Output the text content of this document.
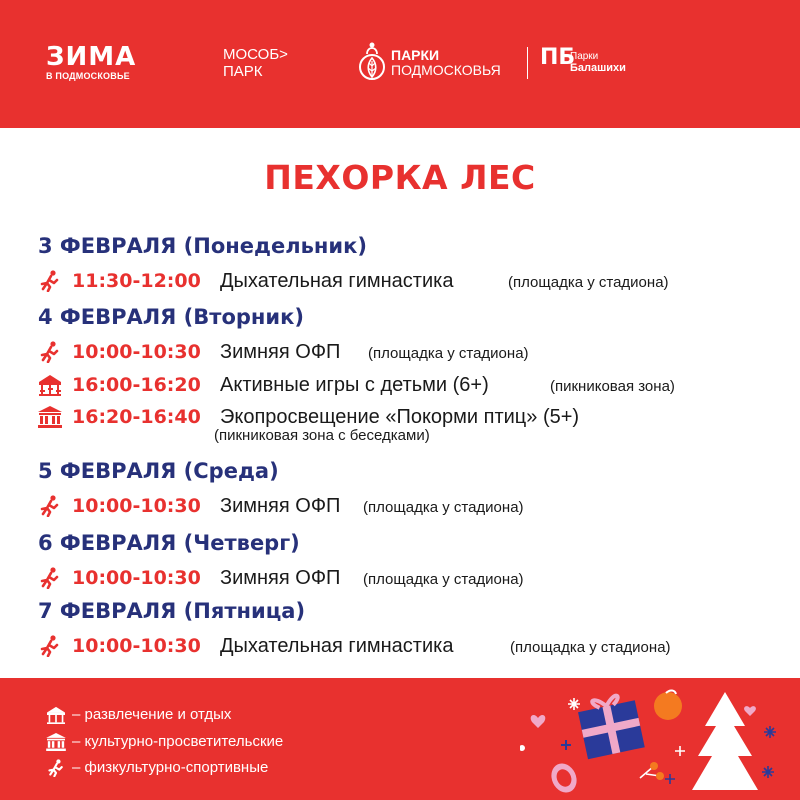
ЗИМА
В ПОДМОСКОВЬЕ
МОСОБ>
ПАРК
ПАРКИ
ПОДМОСКОВЬЯ ПБ
Парки
Балашихи
ПЕХОРКА ЛЕС
3 ФЕВРАЛЯ (Понедельник)
11:30-12:00 Дыхательная гимнастика	(площадка у стадиона)
4 ФЕВРАЛЯ (Вторник)
10:00-10:30 Зимняя ОФП (площадка у стадиона)
16:00-16:20 Активные игры с детьми (6+)	(пикниковая зона)
16:20-16:40 Экопросвещение «Покорми птиц» (5+)
(пикниковая зона с беседками)
5 ФЕВРАЛЯ (Среда)
10:00-10:30 Зимняя ОФП (площадка у стадиона)
6 ФЕВРАЛЯ (Четверг)
10:00-10:30 Зимняя ОФП (площадка у стадиона)
7 ФЕВРАЛЯ (Пятница)
10:00-10:30 Дыхательная гимнастика	(площадка у стадиона)
– развлечение и отдых
– культурно-просветительские
– физкультурно-спортивные
